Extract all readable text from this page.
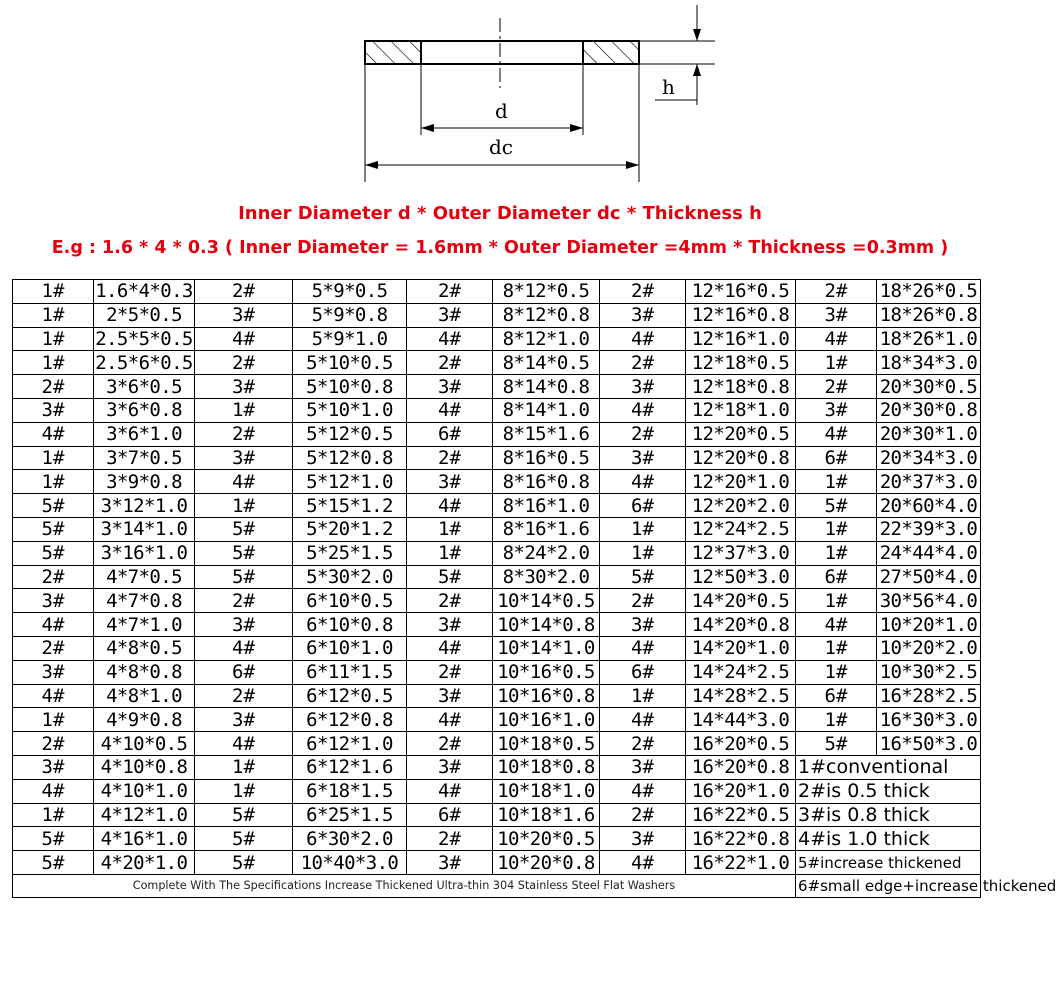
h
d
dc
Inner Diameter d * Outer Diameter dc * Thickness h
E.g : 1.6 * 4 * 0.3 ( Inner Diameter = 1.6mm * Outer Diameter =4mm * Thickness =0.3mm )
1#	1.6*4*0.3	2#	5*9*0.5	2#	8*12*0.5	2#	12*16*0.5	2#	18*26*0.5
1#	2*5*0.5	3#	5*9*0.8	3#	8*12*0.8	3#	12*16*0.8	3#	18*26*0.8
1#	2.5*5*0.5	4#	5*9*1.0	4#	8*12*1.0	4#	12*16*1.0	4#	18*26*1.0
1#	2.5*6*0.5	2#	5*10*0.5	2#	8*14*0.5	2#	12*18*0.5	1#	18*34*3.0
2#	3*6*0.5	3#	5*10*0.8	3#	8*14*0.8	3#	12*18*0.8	2#	20*30*0.5
3#	3*6*0.8	1#	5*10*1.0	4#	8*14*1.0	4#	12*18*1.0	3#	20*30*0.8
4#	3*6*1.0	2#	5*12*0.5	6#	8*15*1.6	2#	12*20*0.5	4#	20*30*1.0
1#	3*7*0.5	3#	5*12*0.8	2#	8*16*0.5	3#	12*20*0.8	6#	20*34*3.0
1#	3*9*0.8	4#	5*12*1.0	3#	8*16*0.8	4#	12*20*1.0	1#	20*37*3.0
5#	3*12*1.0	1#	5*15*1.2	4#	8*16*1.0	6#	12*20*2.0	5#	20*60*4.0
5#	3*14*1.0	5#	5*20*1.2	1#	8*16*1.6	1#	12*24*2.5	1#	22*39*3.0
5#	3*16*1.0	5#	5*25*1.5	1#	8*24*2.0	1#	12*37*3.0	1#	24*44*4.0
2#	4*7*0.5	5#	5*30*2.0	5#	8*30*2.0	5#	12*50*3.0	6#	27*50*4.0
3#	4*7*0.8	2#	6*10*0.5	2#	10*14*0.5	2#	14*20*0.5	1#	30*56*4.0
4#	4*7*1.0	3#	6*10*0.8	3#	10*14*0.8	3#	14*20*0.8	4#	10*20*1.0
2#	4*8*0.5	4#	6*10*1.0	4#	10*14*1.0	4#	14*20*1.0	1#	10*20*2.0
3#	4*8*0.8	6#	6*11*1.5	2#	10*16*0.5	6#	14*24*2.5	1#	10*30*2.5
4#	4*8*1.0	2#	6*12*0.5	3#	10*16*0.8	1#	14*28*2.5	6#	16*28*2.5
1#	4*9*0.8	3#	6*12*0.8	4#	10*16*1.0	4#	14*44*3.0	1#	16*30*3.0
2#	4*10*0.5	4#	6*12*1.0	2#	10*18*0.5	2#	16*20*0.5	5#	16*50*3.0
3#	4*10*0.8	1#	6*12*1.6	3#	10*18*0.8	3#	16*20*0.8	1#conventional	
4#	4*10*1.0	1#	6*18*1.5	4#	10*18*1.0	4#	16*20*1.0	2#is 0.5 thick	
1#	4*12*1.0	5#	6*25*1.5	6#	10*18*1.6	2#	16*22*0.5	3#is 0.8 thick	
5#	4*16*1.0	5#	6*30*2.0	2#	10*20*0.5	3#	16*22*0.8	4#is 1.0 thick	
5#	4*20*1.0	5#	10*40*3.0	3#	10*20*0.8	4#	16*22*1.0	5#increase thickened	
Complete With The Specifications Increase Thickened Ultra-thin 304 Stainless Steel Flat Washers								6#small edge+increase thickened	
